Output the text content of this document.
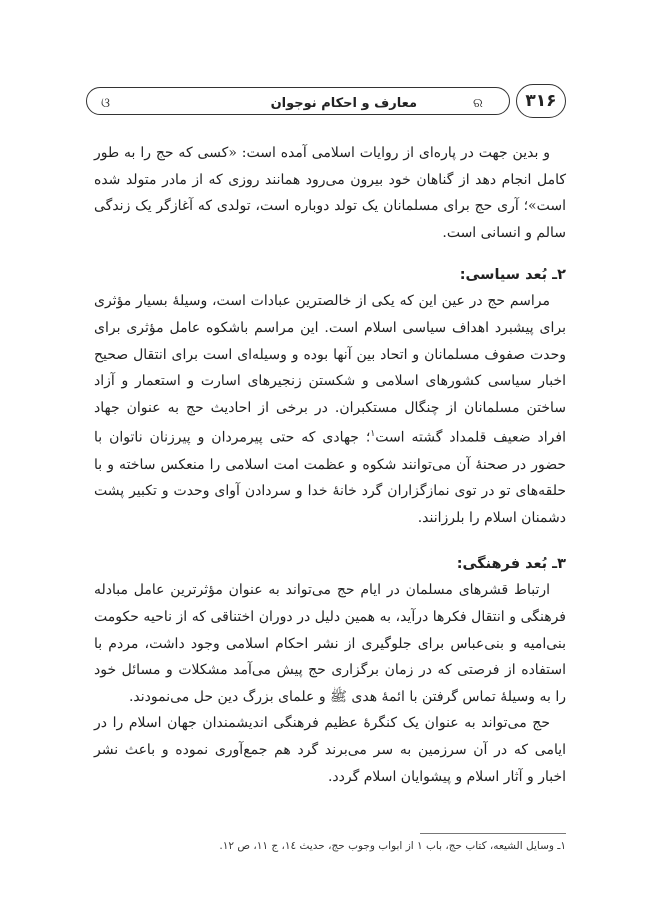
ଓ	معارف و احکام نوجوان	ର	۳۱۶

و بدین جهت در پاره‌ای از روایات اسلامی آمده است: «کسی که حج را به طور کامل انجام دهد از گناهان خود بیرون می‌رود همانند روزی که از مادر متولد شده است»؛ آری حج برای مسلمانان یک تولد دوباره است، تولدی که آغازگر یک زندگی سالم و انسانی است.

۲ـ بُعد سیاسی:

مراسم حج در عین این که یکی از خالصترین عبادات است، وسیلهٔ بسیار مؤثری برای پیشبرد اهداف سیاسی اسلام است. این مراسم باشکوه عامل مؤثری برای وحدت صفوف مسلمانان و اتحاد بین آنها بوده و وسیله‌ای است برای انتقال صحیح اخبار سیاسی کشورهای اسلامی و شکستن زنجیرهای اسارت و استعمار و آزاد ساختن مسلمانان از چنگال مستکبران. در برخی از احادیث حج به عنوان جهاد افراد ضعیف قلمداد گشته است$^۱$؛ جهادی که حتی پیرمردان و پیرزنان ناتوان با حضور در صحنهٔ آن می‌توانند شکوه و عظمت امت اسلامی را منعکس ساخته و با حلقه‌های تو در توی نمازگزاران گرد خانهٔ خدا و سردادن آوای وحدت و تکبیر پشت دشمنان اسلام را بلرزانند.

۳ـ بُعد فرهنگی:

ارتباط قشرهای مسلمان در ایام حج می‌تواند به عنوان مؤثرترین عامل مبادله فرهنگی و انتقال فکرها درآید، به همین دلیل در دوران اختناقی که از ناحیه حکومت بنی‌امیه و بنی‌عباس برای جلوگیری از نشر احکام اسلامی وجود داشت، مردم با استفاده از فرصتی که در زمان برگزاری حج پیش می‌آمد مشکلات و مسائل خود را به وسیلهٔ تماس گرفتن با ائمهٔ هدی ﷺ و علمای بزرگ دین حل می‌نمودند.

حج می‌تواند به عنوان یک کنگرهٔ عظیم فرهنگی اندیشمندان جهان اسلام را در ایامی که در آن سرزمین به سر می‌برند گرد هم جمع‌آوری نموده و باعث نشر اخبار و آثار اسلام و پیشوایان اسلام گردد.

۱ـ وسایل الشیعه، کتاب حج، باب ۱ از ابواب وجوب حج، حدیث ١٤، ج ١١، ص ١٢.
